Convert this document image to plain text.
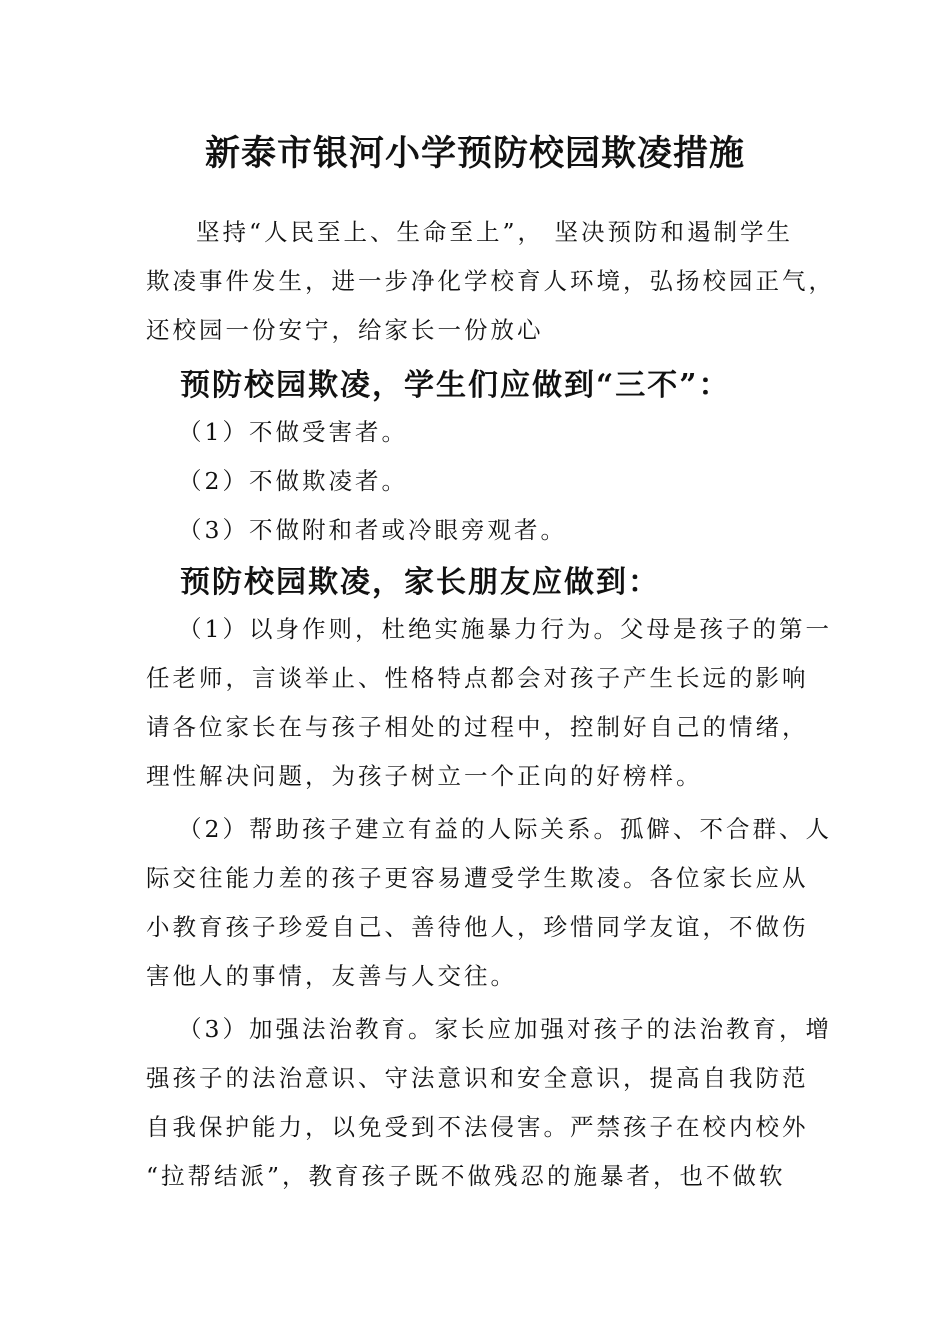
新泰市银河小学预防校园欺凌措施
坚持“人民至上、生命至上”， 坚决预防和遏制学生
欺凌事件发生，进一步净化学校育人环境，弘扬校园正气，
还校园一份安宁，给家长一份放心
预防校园欺凌，学生们应做到“三不”：
（1）不做受害者。
（2）不做欺凌者。
（3）不做附和者或冷眼旁观者。
预防校园欺凌，家长朋友应做到：
（1）以身作则，杜绝实施暴力行为。父母是孩子的第一
任老师，言谈举止、性格特点都会对孩子产生长远的影响
请各位家长在与孩子相处的过程中，控制好自己的情绪，
理性解决问题，为孩子树立一个正向的好榜样。
（2）帮助孩子建立有益的人际关系。孤僻、不合群、人
际交往能力差的孩子更容易遭受学生欺凌。各位家长应从
小教育孩子珍爱自己、善待他人，珍惜同学友谊，不做伤
害他人的事情，友善与人交往。
（3）加强法治教育。家长应加强对孩子的法治教育，增
强孩子的法治意识、守法意识和安全意识，提高自我防范
自我保护能力，以免受到不法侵害。严禁孩子在校内校外
“拉帮结派”，教育孩子既不做残忍的施暴者，也不做软
